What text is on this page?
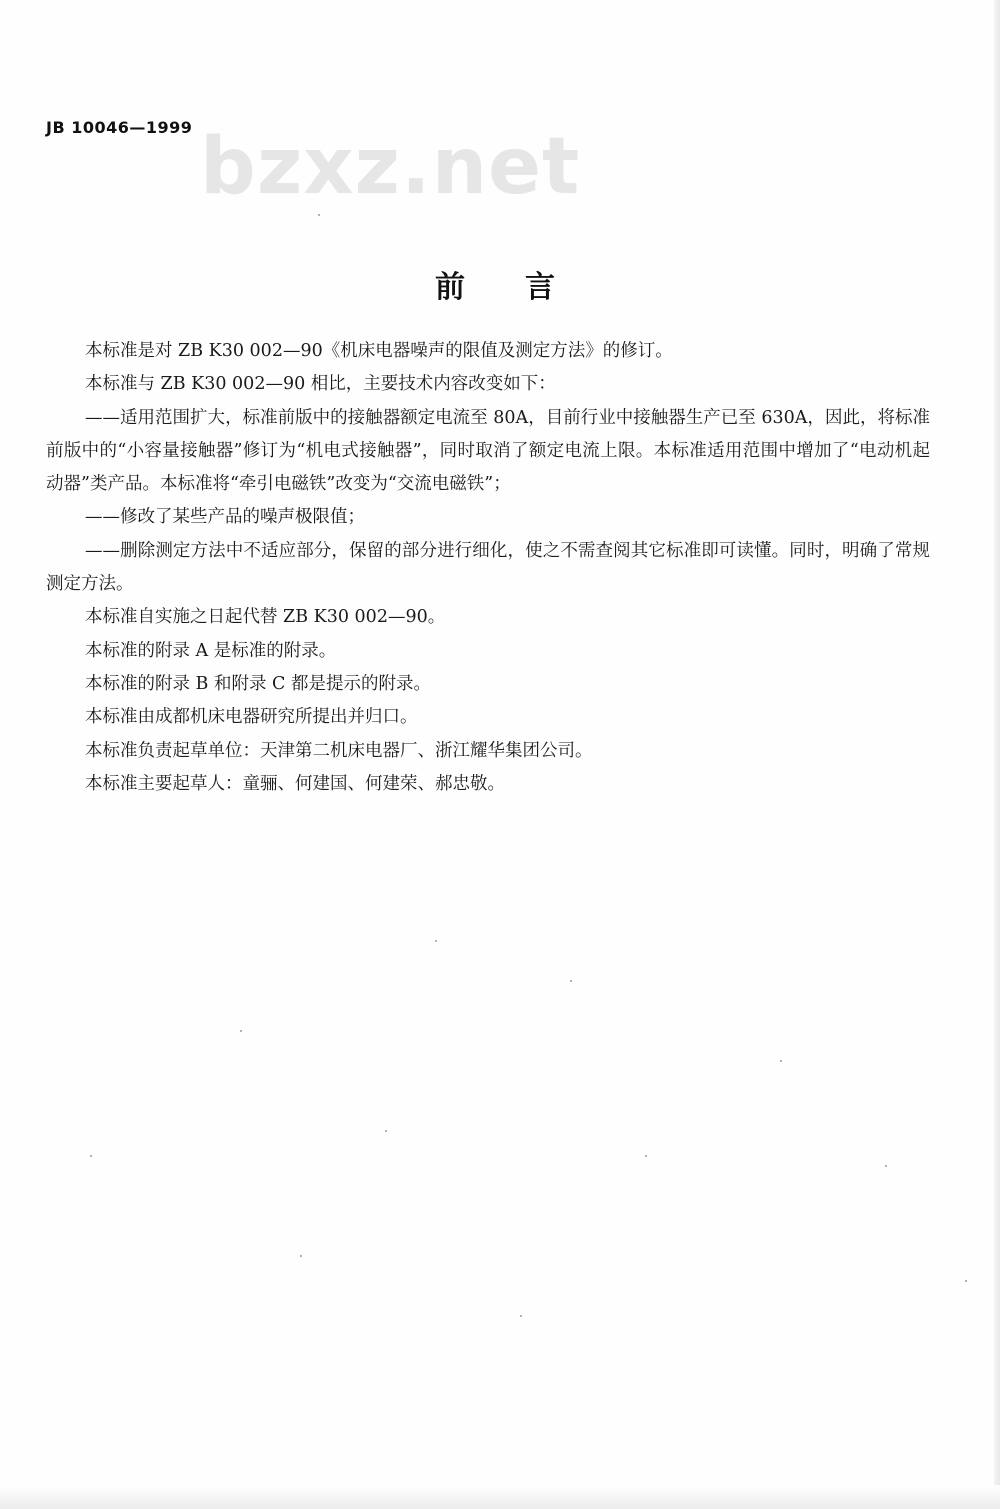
JB 10046—1999 bzxz.net
前言

本标准是对 ZB K30 002—90《机床电器噪声的限值及测定方法》的修订。

本标准与 ZB K30 002—90 相比，主要技术内容改变如下：

——适用范围扩大，标准前版中的接触器额定电流至 80A，目前行业中接触器生产已至 630A，因此，将标准前版中的“小容量接触器”修订为“机电式接触器”，同时取消了额定电流上限。本标准适用范围中增加了“电动机起动器”类产品。本标准将“牵引电磁铁”改变为“交流电磁铁”；

——修改了某些产品的噪声极限值；

——删除测定方法中不适应部分，保留的部分进行细化，使之不需查阅其它标准即可读懂。同时，明确了常规测定方法。

本标准自实施之日起代替 ZB K30 002—90。

本标准的附录 A 是标准的附录。

本标准的附录 B 和附录 C 都是提示的附录。

本标准由成都机床电器研究所提出并归口。

本标准负责起草单位：天津第二机床电器厂、浙江耀华集团公司。

本标准主要起草人：童骊、何建国、何建荣、郝忠敬。
